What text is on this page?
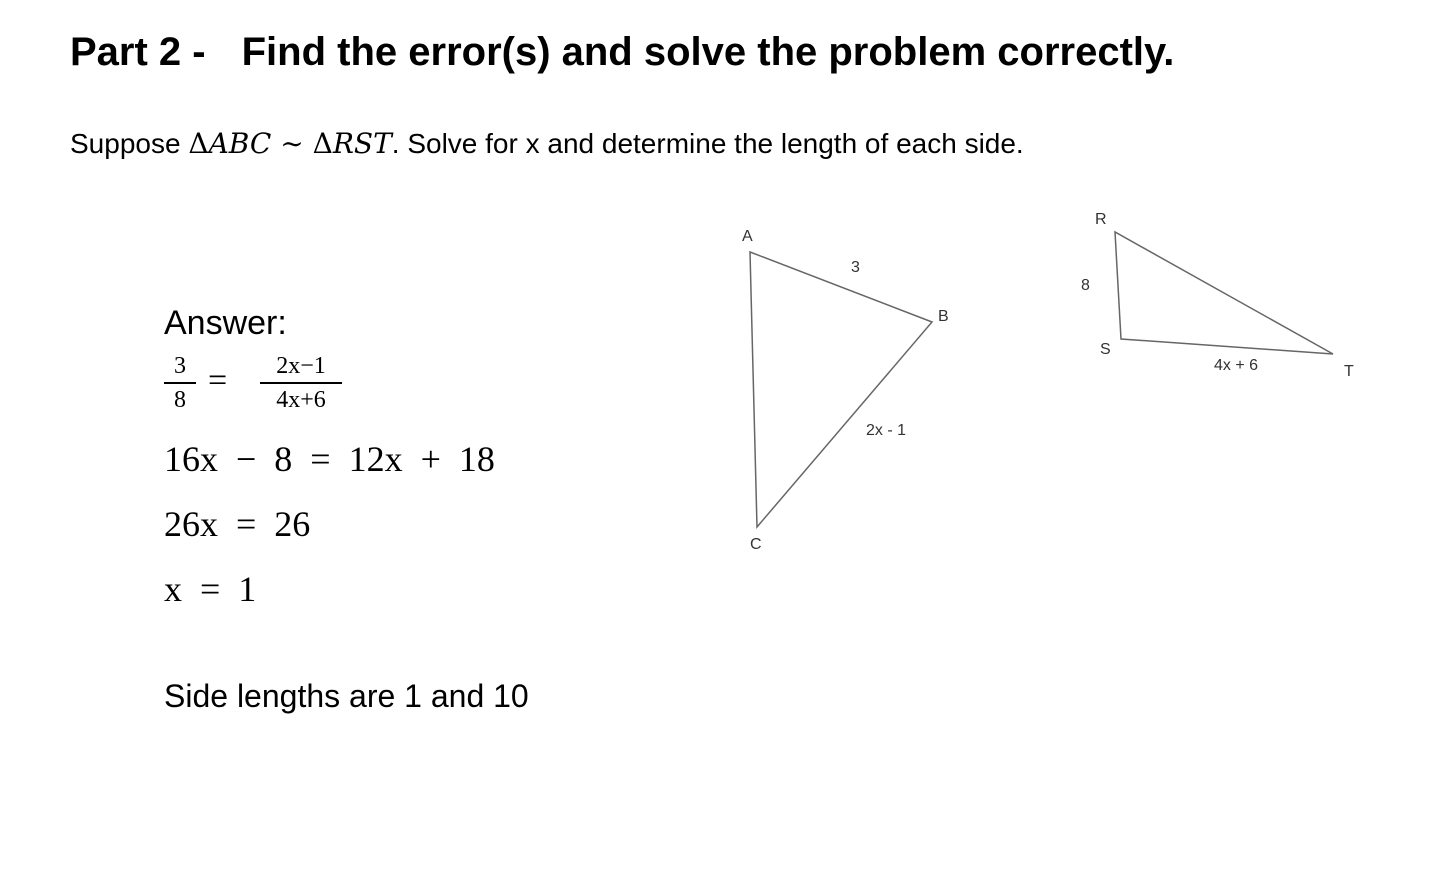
Part 2 - Find the error(s) and solve the problem correctly.
Suppose ΔABC ∼ ΔRST. Solve for x and determine the length of each side.
Answer:
$\frac{3}{8} = \frac{2x-1}{4x+6}$
16x  −  8  =  12x  +  18
26x  =  26
x  =  1
Side lengths are 1 and 10
A
B
C
3
2x - 1
R
S
T
8
4x + 6
